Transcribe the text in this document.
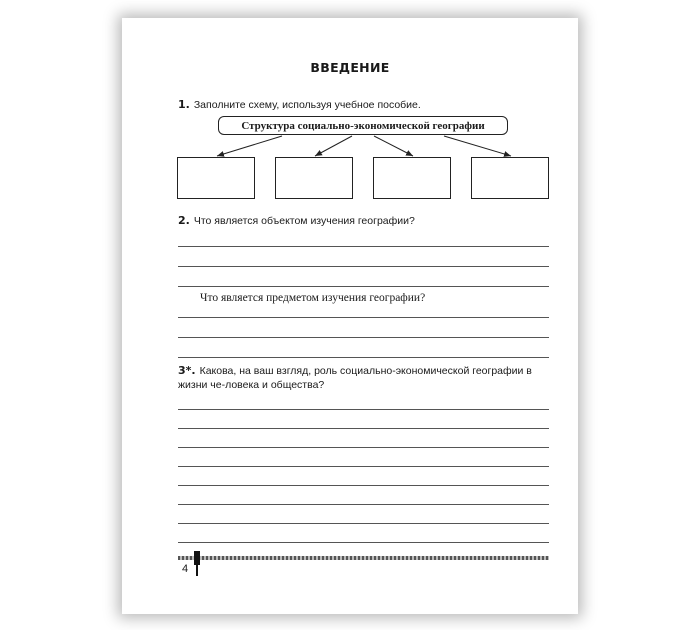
ВВЕДЕНИЕ
1. Заполните схему, используя учебное пособие.
Структура социально-экономической географии
2. Что является объектом изучения географии?
Что является предметом изучения географии?
3*. Какова, на ваш взгляд, роль социально-экономической географии в жизни че-ловека и общества?
4
